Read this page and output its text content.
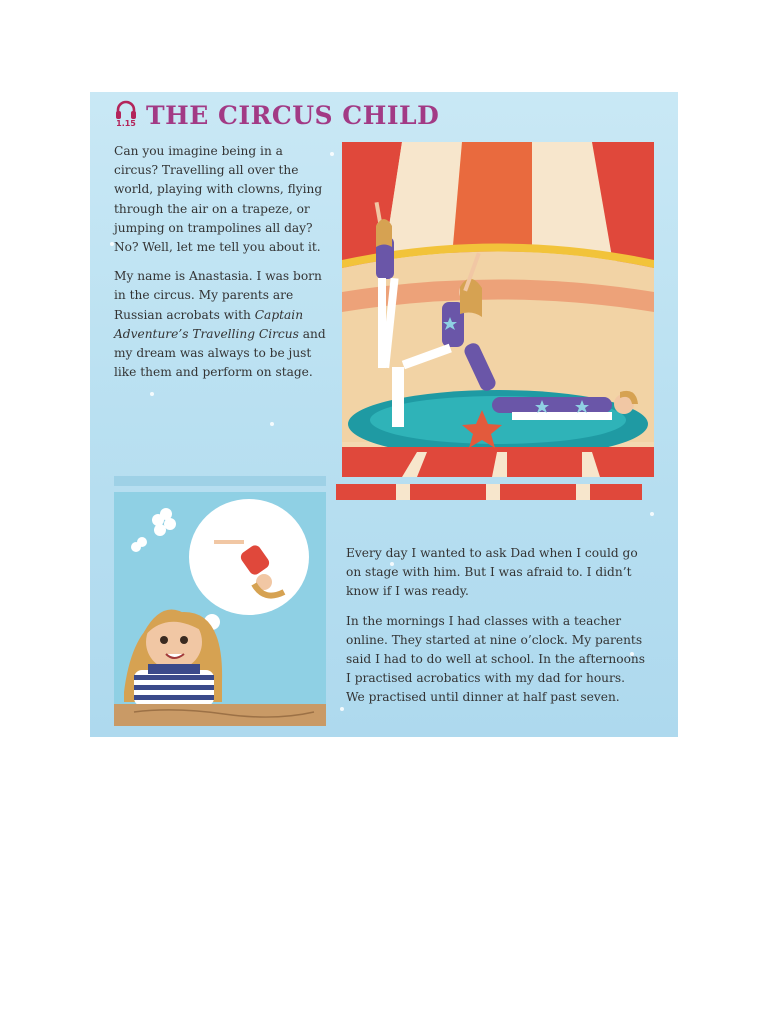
1.15 THE CIRCUS CHILD

Can you imagine being in a circus? Travelling all over the world, playing with clowns, flying through the air on a trapeze, or jumping on trampolines all day? No? Well, let me tell you about it.

My name is Anastasia. I was born in the circus. My parents are Russian acrobats with Captain Adventure’s Travelling Circus and my dream was always to be just like them and perform on stage.

Every day I wanted to ask Dad when I could go on stage with him. But I was afraid to. I didn’t know if I was ready.

In the mornings I had classes with a teacher online. They started at nine o’clock. My parents said I had to do well at school. In the afternoons I practised acrobatics with my dad for hours. We practised until dinner at half past seven.
